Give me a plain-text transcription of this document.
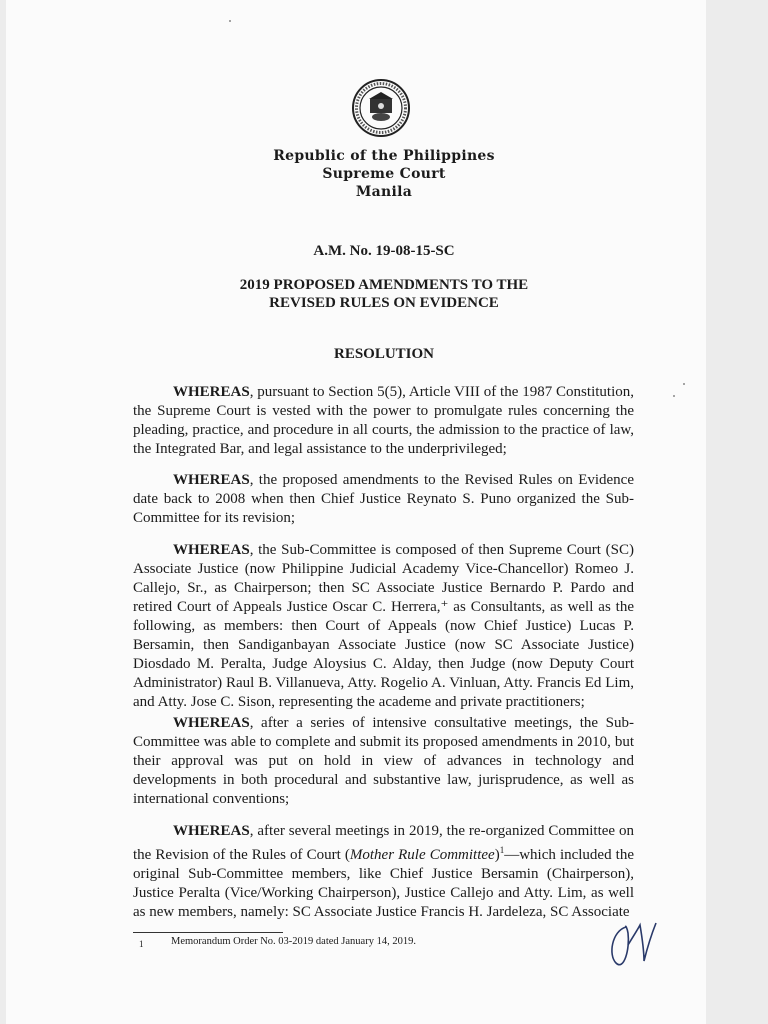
Republic of the Philippines
Supreme Court
Manila
A.M. No. 19-08-15-SC
2019 PROPOSED AMENDMENTS TO THE
REVISED RULES ON EVIDENCE
RESOLUTION

WHEREAS, pursuant to Section 5(5), Article VIII of the 1987 Constitution, the Supreme Court is vested with the power to promulgate rules concerning the pleading, practice, and procedure in all courts, the admission to the practice of law, the Integrated Bar, and legal assistance to the underprivileged;

WHEREAS, the proposed amendments to the Revised Rules on Evidence date back to 2008 when then Chief Justice Reynato S. Puno organized the Sub-Committee for its revision;

WHEREAS, the Sub-Committee is composed of then Supreme Court (SC) Associate Justice (now Philippine Judicial Academy Vice-Chancellor) Romeo J. Callejo, Sr., as Chairperson; then SC Associate Justice Bernardo P. Pardo and retired Court of Appeals Justice Oscar C. Herrera,⁺ as Consultants, as well as the following, as members: then Court of Appeals (now Chief Justice) Lucas P. Bersamin, then Sandiganbayan Associate Justice (now SC Associate Justice) Diosdado M. Peralta, Judge Aloysius C. Alday, then Judge (now Deputy Court Administrator) Raul B. Villanueva, Atty. Rogelio A. Vinluan, Atty. Francis Ed Lim, and Atty. Jose C. Sison, representing the academe and private practitioners;

WHEREAS, after a series of intensive consultative meetings, the Sub-Committee was able to complete and submit its proposed amendments in 2010, but their approval was put on hold in view of advances in technology and developments in both procedural and substantive law, jurisprudence, as well as international conventions;

WHEREAS, after several meetings in 2019, the re-organized Committee on the Revision of the Rules of Court (Mother Rule Committee)$^1$—which included the original Sub-Committee members, like Chief Justice Bersamin (Chairperson), Justice Peralta (Vice/Working Chairperson), Justice Callejo and Atty. Lim, as well as new members, namely: SC Associate Justice Francis H. Jardeleza, SC Associate

1	Memorandum Order No. 03-2019 dated January 14, 2019.
